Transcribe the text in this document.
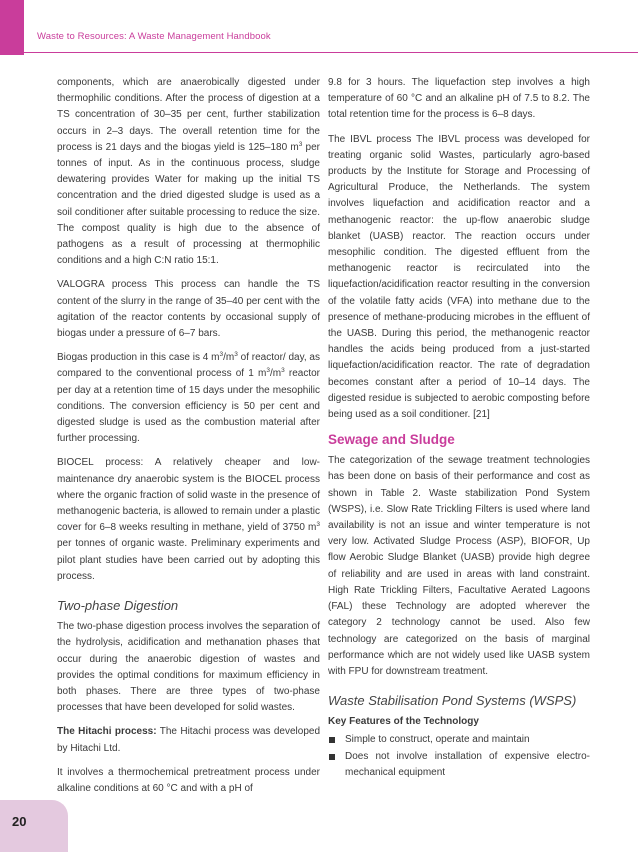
Waste to Resources: A Waste Management Handbook

components, which are anaerobically digested under thermophilic conditions. After the process of digestion at a TS concentration of 30–35 per cent, further stabilization occurs in 2–3 days. The overall retention time for the process is 21 days and the biogas yield is 125–180 $m^3$ per tonnes of input. As in the continuous process, sludge dewatering provides Water for making up the initial TS concentration and the dried digested sludge is used as a soil conditioner after suitable processing to reduce the size. The compost quality is high due to the absence of pathogens as a result of processing at thermophilic conditions and a high C:N ratio 15:1.

VALOGRA process This process can handle the TS content of the slurry in the range of 35–40 per cent with the agitation of the reactor contents by occasional supply of biogas under a pressure of 6–7 bars.

Biogas production in this case is 4 $m^3/m^3$ of reactor/ day, as compared to the conventional process of 1 $m^3/m^3$ reactor per day at a retention time of 15 days under the mesophilic conditions. The conversion efficiency is 50 per cent and digested sludge is used as the combustion material after further processing.

BIOCEL process: A relatively cheaper and low-maintenance dry anaerobic system is the BIOCEL process where the organic fraction of solid waste in the presence of methanogenic bacteria, is allowed to remain under a plastic cover for 6–8 weeks resulting in methane, yield of 3750 $m^3$ per tonnes of organic waste. Preliminary experiments and pilot plant studies have been carried out by adopting this process.

Two-phase Digestion

The two-phase digestion process involves the separation of the hydrolysis, acidification and methanation phases that occur during the anaerobic digestion of wastes and provides the optimal conditions for maximum efficiency in both phases. There are three types of two-phase processes that have been developed for solid wastes.

The Hitachi process: The Hitachi process was developed by Hitachi Ltd.

It involves a thermochemical pretreatment process under alkaline conditions at 60 °C and with a pH of

9.8 for 3 hours. The liquefaction step involves a high temperature of 60 °C and an alkaline pH of 7.5 to 8.2. The total retention time for the process is 6–8 days.

The IBVL process The IBVL process was developed for treating organic solid Wastes, particularly agro-based products by the Institute for Storage and Processing of Agricultural Produce, the Netherlands. The system involves liquefaction and acidification reactor and a methanogenic reactor: the up-flow anaerobic sludge blanket (UASB) reactor. The reaction occurs under mesophilic condition. The digested effluent from the methanogenic reactor is recirculated into the liquefaction/acidification reactor resulting in the conversion of the volatile fatty acids (VFA) into methane due to the presence of methane-producing microbes in the effluent of the UASB. During this period, the methanogenic reactor handles the acids being produced from a just-started liquefaction/acidification reactor. The rate of degradation becomes constant after a period of 10–14 days. The digested residue is subjected to aerobic composting before being used as a soil conditioner. [21]

Sewage and Sludge

The categorization of the sewage treatment technologies has been done on basis of their performance and cost as shown in Table 2. Waste stabilization Pond System (WSPS), i.e. Slow Rate Trickling Filters is used where land availability is not an issue and winter temperature is not very low. Activated Sludge Process (ASP), BIOFOR, Up flow Aerobic Sludge Blanket (UASB) provide high degree of reliability and are used in areas with land constraint. High Rate Trickling Filters, Facultative Aerated Lagoons (FAL) these Technology are adopted wherever the category 2 technology cannot be used. Also few technology are categorized on the basis of marginal performance which are not widely used like UASB system with FPU for downstream treatment.

Waste Stabilisation Pond Systems (WSPS)
Key Features of the Technology
Simple to construct, operate and maintain
Does not involve installation of expensive electro-mechanical equipment
20
